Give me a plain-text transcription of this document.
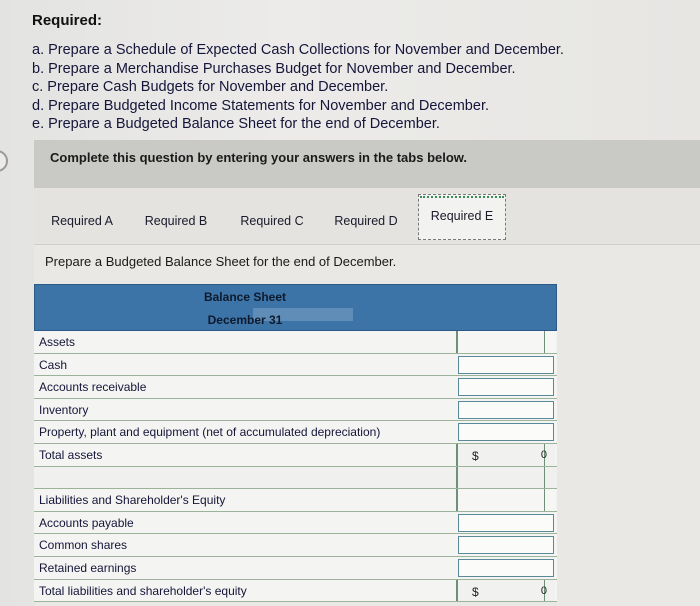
Required:
a. Prepare a Schedule of Expected Cash Collections for November and December.
b. Prepare a Merchandise Purchases Budget for November and December.
c. Prepare Cash Budgets for November and December.
d. Prepare Budgeted Income Statements for November and December.
e. Prepare a Budgeted Balance Sheet for the end of December.
Complete this question by entering your answers in the tabs below.
Required A	Required B	Required C	Required D	Required E
Prepare a Budgeted Balance Sheet for the end of December.
Balance Sheet
December 31
Assets
Cash
Accounts receivable
Inventory
Property, plant and equipment (net of accumulated depreciation)
Total assets	$	0
Liabilities and Shareholder's Equity
Accounts payable
Common shares
Retained earnings
Total liabilities and shareholder's equity	$	0
